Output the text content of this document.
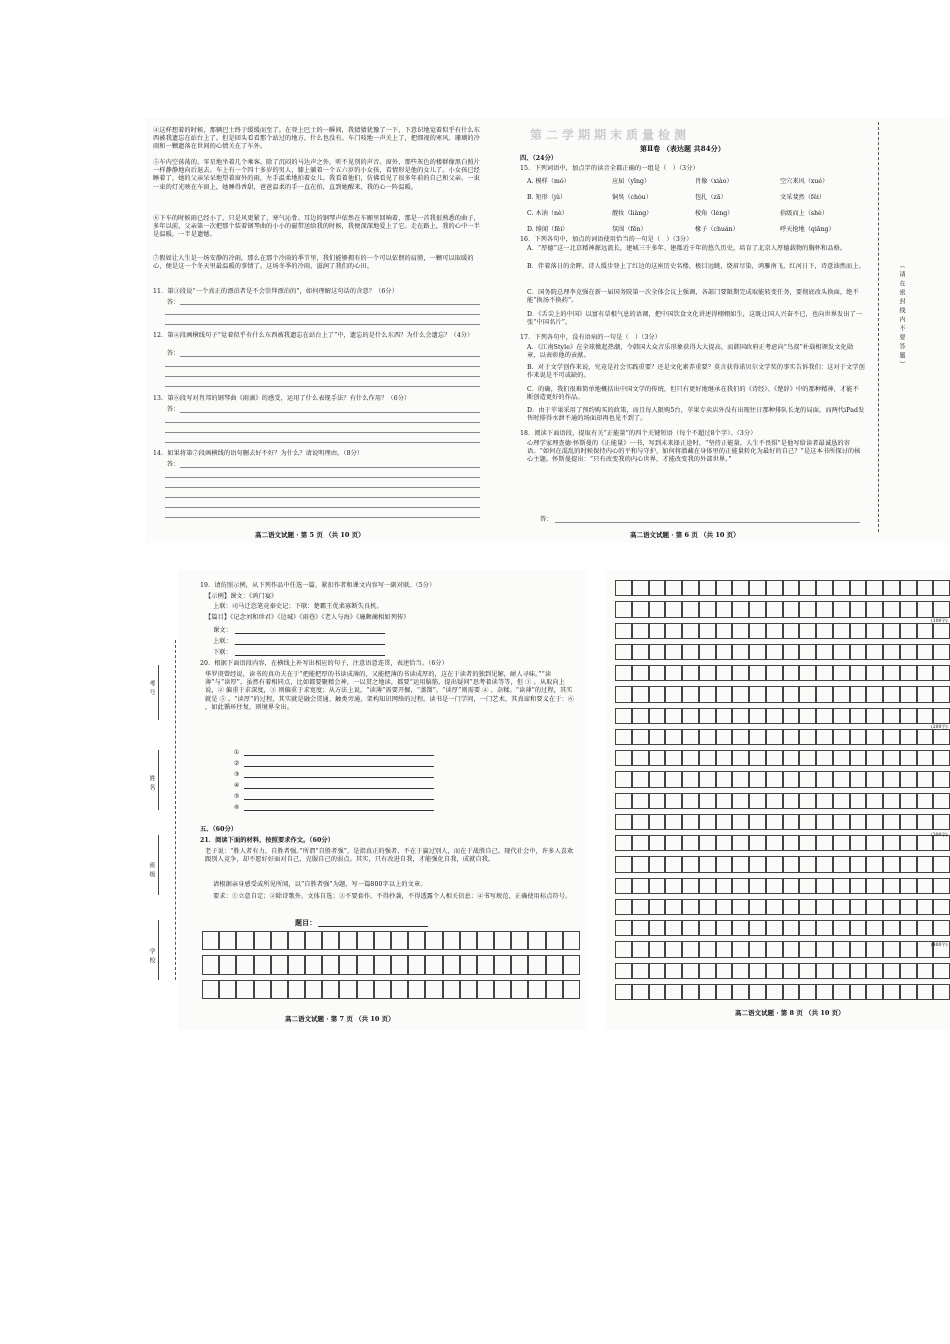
④这样想着的时候，那辆巴士终于缓缓而至了。在登上巴士的一瞬间，我猜猜犹豫了一下，下意识地觉着似乎有什么东西被我遗忘在站台上了。但是回头看看那个站过的地方，什么也没有。车门吱地一声关上了，把细视的寒风、珊瑚的冷雨和一颗遗落在世间的心情关在了车外。
⑤车内空荡荡的，零星地坐着几个乘客。除了沉闷的马达声之外，听不见别的声音。窗外，那些灰色的楼群像黑白照片一样静静地向后退去。车上有一个四十多岁的男人，膝上躺着一个五六岁的小女孩，看情形是他的女儿了。小女孩已经睡着了，她的父亲呆呆地望着窗外的雨，左手温柔地拍着女儿。我看着他们，仿佛看见了很多年前的自己和父亲。一束一束的灯光映在车窗上，她睡得香甜，爸爸温柔的手一直在拍，直到她醒来，我的心一阵温暖。
⑥下车的时候雨已经小了，只是风更紧了，寒气沁骨。耳边的钢琴声依然在车厢里回响着，那是一首我很熟悉的曲子，多年以前，父亲第一次把那个装着钢琴曲的小小的磁带送给我的时候，我便深深地爱上了它。走在路上，我的心中一半是温暖，一半是遗憾。
⑦假如让人生是一场安静的冷雨，那么在那个冷雨的季节里，我们能够拥有的一个可以依偎的肩膀，一颗可以取暖的心，便是这一个冬天里最温暖的事情了。这场冬季的冷雨，滋润了我们的心田。
11．第③段说“一个真正的漂泊者是不会崇拜漂泊的”，如何理解这句话的含意？（6分）
答：
12．第④段画横线句子“觉着似乎有什么东西被我遗忘在站台上了”中，遗忘的是什么东西？为什么会遗忘？（4分）
答：
13．第⑥段写对肖邦的钢琴曲《雨滴》的感受，运用了什么表现手法？有什么作用？（6分）
答：
14．如果将第⑦段画横线的语句删去好不好？为什么？请说明理由。（8分）
答：
高二语文试题 · 第 5 页 （共 10 页）
第二学期期末质量检测
第Ⅱ卷 （表达题 共84分）
四、（24分）
15．下列词语中，加点字的读音全都正确的一组是（　）（3分）
A. 模样（mó）	应届（yīng）	肖像（xiào）	空穴来风（xué）
B. 矩形（jǔ）	铜臭（chòu）	包扎（zā）	文采斐然（fěi）
C. 木讷（nè）	靓妆（liàng）	棱角（léng）	拾级而上（shè）
D. 绯闻（fēi）	氛围（fēn）	椽子（chuán）	呼天抢地（qiāng）
16．下列各句中，加点的词语使用恰当的一句是（　）（3分）
A．“厚德”这一北京精神源远流长，建城三千多年、建都近千年的悠久历史，培育了北京人厚德载物的胸怀和品格。
B．伴着落日的余晖，诗人缓步登上了红边的这座历史名楼，极目远眺，烧眉尽染，鸿雁南飞，红河日下，诗意油然而上。
C．国务院总理李克强在新一届国务院第一次全体会议上强调，各部门要限期完成取能转变任务，要彻底改头换面，绝不能“换汤不换药”。
D．《舌尖上的中国》以富有草根气息的语调，把中国饮食文化讲述得栩栩如生，这既让国人兴奋不已，也向世界发出了一张“中国名片”。
17．下列各句中，没有语病的一句是（　）（3分）
A．《江南Style》在全球掀起热潮，令韩国大众音乐形象获得大大提高，而韩国政府正考虑向“鸟叔”朴载相颁发文化勋章，以表彰他的贡献。
B．对于文学创作来说，究竟是社会实践重要？还是文化素养重要？莫言获得诺贝尔文学奖的事实告诉我们：这对于文学创作来说是不可或缺的。
C．的确，我们很难简单地概括出中国文学的传统，但只有更好地继承在我们的《诗经》、《楚辞》中的那种精神，才能不断创造更好的作品。
D．由于苹果采用了预约购买的政策，而且每人限购5台，苹果专卖店外没有出现往日那种排队长龙的局面，而两代iPad发售时排得水泄不通的场面却再也见不到了。
18．阅读下面语段，提取有关“正能量”的四个关键短语（每个不超过8个字）。（3分）
心理学家理查德·怀斯曼的《正能量》一书，写到未来择正途时，“坚持正能量，人生不畏惧”是他写给读者最诚恳的寄语。“如何在混乱的时候保持内心的平和与守护，如何将潜藏在身体里的正能量转化为最好的自己？”是这本书所探讨的核心主题。怀斯曼提出：“只有改变我的内心世界，才能改变我的外部世界。”
答：
高二语文试题 · 第 6 页 （共 10 页）
（请在密封线内不要答题）
考号
姓名
班级
学校
19．请仿照示例，从下列作品中任选一篇，紧扣作者和课文内容写一副对联。（5分）
【示例】课文：《鸿门宴》
上联：司马迁恣笔竟秦史记；下联：楚霸王优柔寡断失良机。
【篇目】《记念刘和珍君》《边城》《雨巷》《老人与海》《廉颇蔺相如列传》
课文：
上联：
下联：
20．根据下面语段内容，在横线上补写出相应的句子，注意语意连贯，表述恰当。（6分）
华罗庚曾经说，读书的真功夫在于“把能把厚的书读成薄的，又能把薄的书读成厚的，这在于读者的独到见解，耐人寻味。”“读薄”与“读厚”，虽然有着相同点，比如都要聚精会神，一以贯之地读，都要“运用脑筋，提出疑问”思考着读等等，但 ① 。从取向上说，② 偏重于求深度，③ 则偏重于求宽度；从方法上说，“读薄”需要开掘，“蒸馏”，“读厚”则需要 ④ 、杂糅。“读薄”的过程，其实就是 ⑤ 。“读厚”的过程，其实就是融会贯通、触类旁通，架构知识网络的过程。读书是一门学问，一门艺术，其真谛和要义在于：⑥ ，如此循环往复，则境界全出。
①
②
③
④
⑤
⑥
五、（60分）
21．阅读下面的材料，按照要求作文。（60分）
老子说：“胜人者有力，自胜者强。”所谓“自胜者强”，是指真正的强者，不在于赢过别人，而在于战胜自己。现代社会中，许多人喜欢跟别人竞争，却不愿好好面对自己，克服自己的弱点。其实，只有改进自我，才能强化自我，成就自我。
请根据亲身感受或所见所闻，以“自胜者强”为题，写一篇800字以上的文章。
要求：①立意自定；②除诗歌外，文体自选；③不要套作，不得抄袭，不得透露个人相关信息；④书写规范，正确使用标点符号。
题目：
高二语文试题 · 第 7 页 （共 10 页）
(100字)
(200字)
(300字)
(400字)
高二语文试题 · 第 8 页 （共 10 页）
